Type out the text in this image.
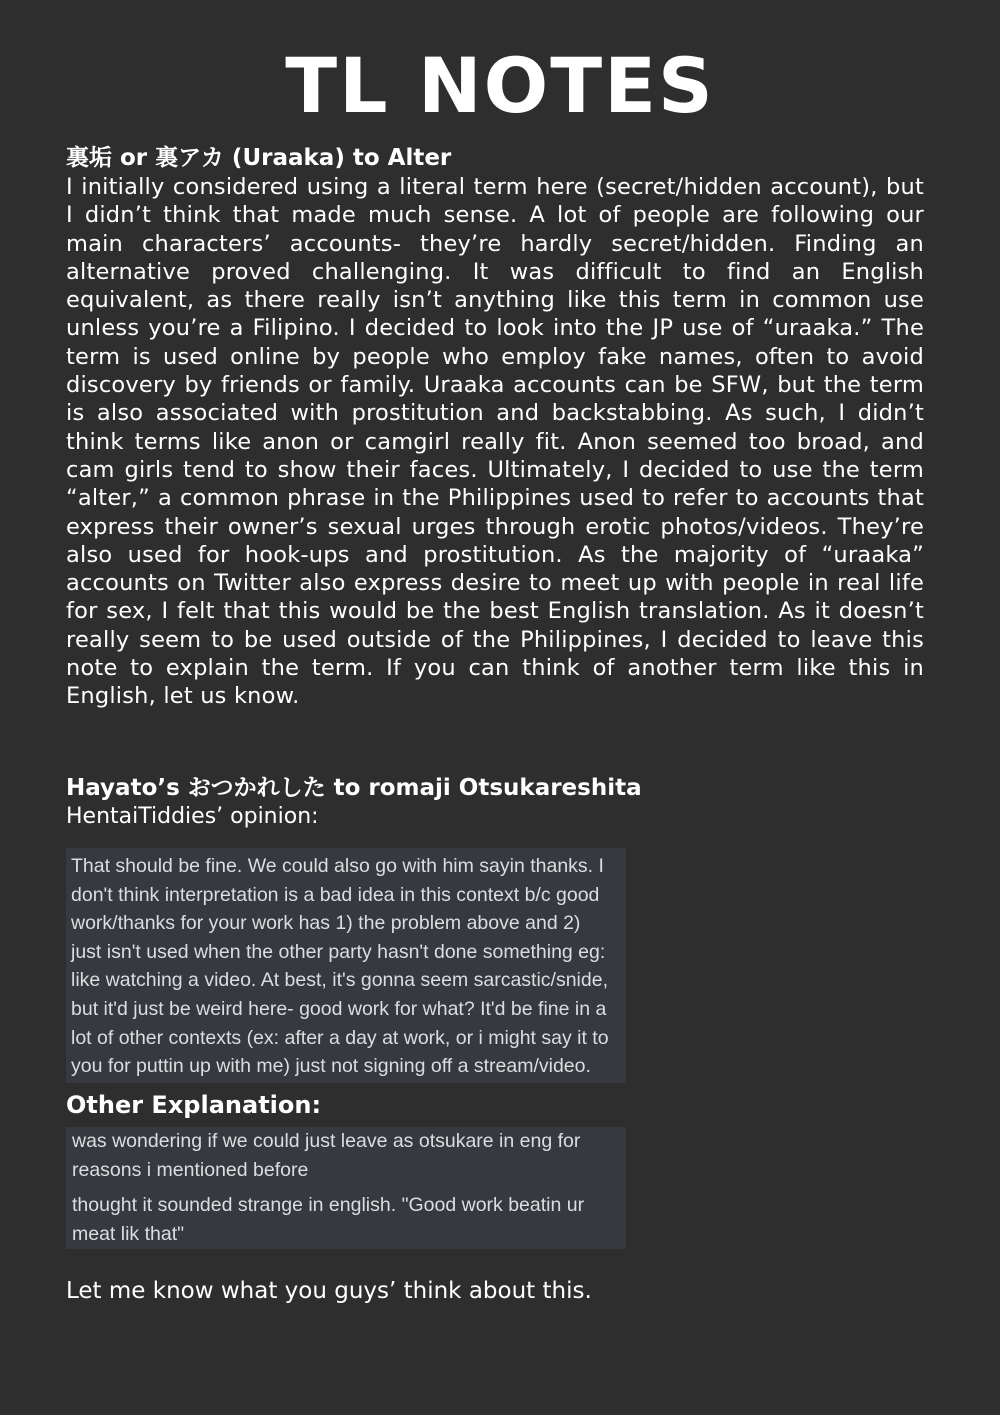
TL NOTES
裏垢 or 裏アカ (Uraaka) to Alter
I initially considered using a literal term here (secret/hidden account), but I didn’t think that made much sense. A lot of people are following our main characters’ accounts- they’re hardly secret/hidden. Finding an alternative proved challenging. It was difficult to find an English equivalent, as there really isn’t anything like this term in common use unless you’re a Filipino. I decided to look into the JP use of “uraaka.” The term is used online by people who employ fake names, often to avoid discovery by friends or family. Uraaka accounts can be SFW, but the term is also associated with prostitution and backstabbing. As such, I didn’t think terms like anon or camgirl really fit. Anon seemed too broad, and cam girls tend to show their faces. Ultimately, I decided to use the term “alter,” a common phrase in the Philippines used to refer to accounts that express their owner’s sexual urges through erotic photos/videos. They’re also used for hook-ups and prostitution. As the majority of “uraaka” accounts on Twitter also express desire to meet up with people in real life for sex, I felt that this would be the best English translation. As it doesn’t really seem to be used outside of the Philippines, I decided to leave this note to explain the term. If you can think of another term like this in English, let us know.
Hayato’s おつかれした to romaji Otsukareshita
HentaiTiddies’ opinion:
That should be fine. We could also go with him sayin thanks. I
don't think interpretation is a bad idea in this context b/c good
work/thanks for your work has 1) the problem above and 2)
just isn't used when the other party hasn't done something eg:
like watching a video. At best, it's gonna seem sarcastic/snide,
but it'd just be weird here- good work for what? It'd be fine in a
lot of other contexts (ex: after a day at work, or i might say it to
you for puttin up with me) just not signing off a stream/video.
Other Explanation:
was wondering if we could just leave as otsukare in eng for
reasons i mentioned before
thought it sounded strange in english. "Good work beatin ur
meat lik that"
Let me know what you guys’ think about this.
